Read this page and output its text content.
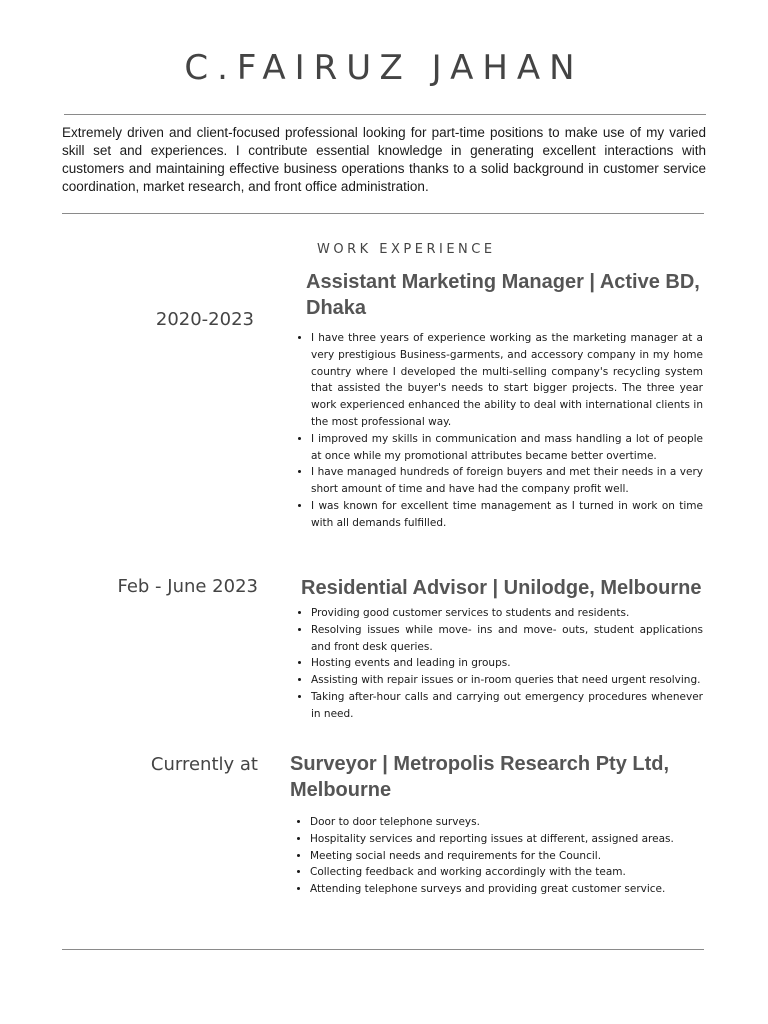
C.FAIRUZ JAHAN

Extremely driven and client-focused professional looking for part-time positions to make use of my varied skill set and experiences. I contribute essential knowledge in generating excellent interactions with customers and maintaining effective business operations thanks to a solid background in customer service coordination, market research, and front office administration.

WORK EXPERIENCE
2020-2023
Assistant Marketing Manager | Active BD, Dhaka
• I have three years of experience working as the marketing manager at a very prestigious Business-garments, and accessory company in my home country where I developed the multi-selling company's recycling system that assisted the buyer's needs to start bigger projects. The three year work experienced enhanced the ability to deal with international clients in the most professional way.
• I improved my skills in communication and mass handling a lot of people at once while my promotional attributes became better overtime.
• I have managed hundreds of foreign buyers and met their needs in a very short amount of time and have had the company profit well.
• I was known for excellent time management as I turned in work on time with all demands fulfilled.
Feb - June 2023 Residential Advisor | Unilodge, Melbourne
• Providing good customer services to students and residents.
• Resolving issues while move- ins and move- outs, student applications and front desk queries.
• Hosting events and leading in groups.
• Assisting with repair issues or in-room queries that need urgent resolving.
• Taking after-hour calls and carrying out emergency procedures whenever in need.
Currently at Surveyor | Metropolis Research Pty Ltd, Melbourne
• Door to door telephone surveys.
• Hospitality services and reporting issues at different, assigned areas.
• Meeting social needs and requirements for the Council.
• Collecting feedback and working accordingly with the team.
• Attending telephone surveys and providing great customer service.
